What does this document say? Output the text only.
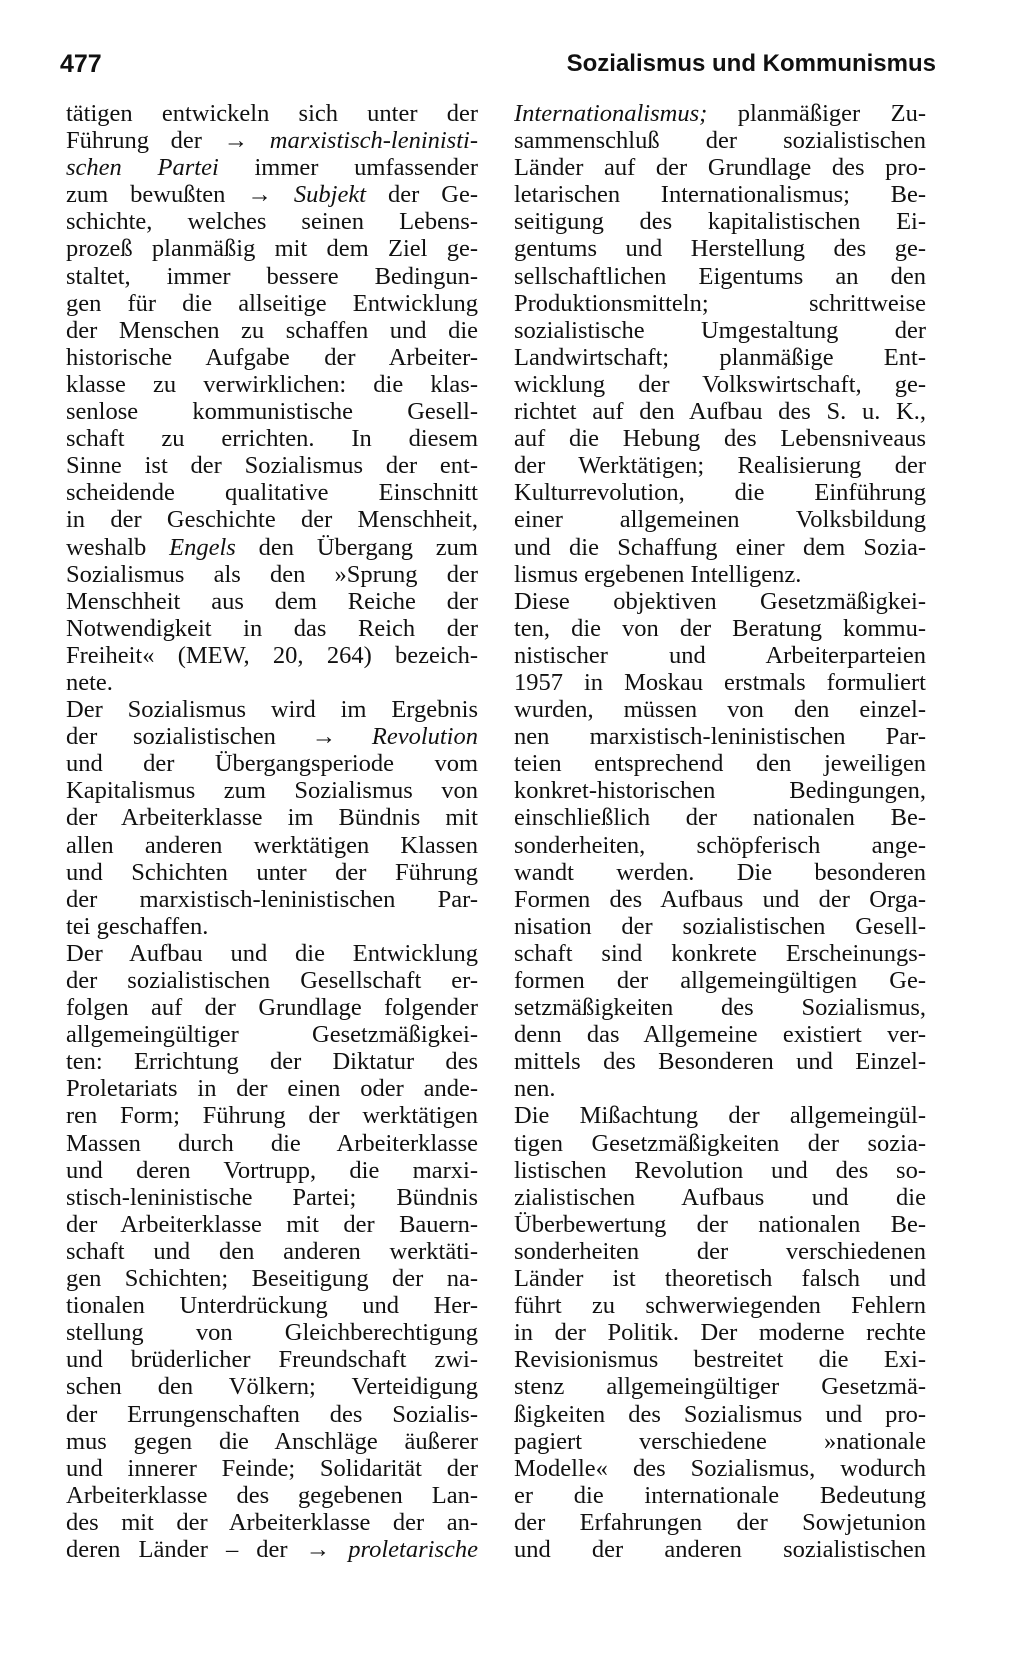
477	Sozialismus und Kommunismus
tätigen entwickeln sich unter der
Führung der → marxistisch-leninisti-
schen Partei immer umfassender
zum bewußten → Subjekt der Ge-
schichte, welches seinen Lebens-
prozeß planmäßig mit dem Ziel ge-
staltet, immer bessere Bedingun-
gen für die allseitige Entwicklung
der Menschen zu schaffen und die
historische Aufgabe der Arbeiter-
klasse zu verwirklichen: die klas-
senlose kommunistische Gesell-
schaft zu errichten. In diesem
Sinne ist der Sozialismus der ent-
scheidende qualitative Einschnitt
in der Geschichte der Menschheit,
weshalb Engels den Übergang zum
Sozialismus als den »Sprung der
Menschheit aus dem Reiche der
Notwendigkeit in das Reich der
Freiheit« (MEW, 20, 264) bezeich-
nete.
Der Sozialismus wird im Ergebnis
der sozialistischen → Revolution
und der Übergangsperiode vom
Kapitalismus zum Sozialismus von
der Arbeiterklasse im Bündnis mit
allen anderen werktätigen Klassen
und Schichten unter der Führung
der marxistisch-leninistischen Par-
tei geschaffen.
Der Aufbau und die Entwicklung
der sozialistischen Gesellschaft er-
folgen auf der Grundlage folgender
allgemeingültiger Gesetzmäßigkei-
ten: Errichtung der Diktatur des
Proletariats in der einen oder ande-
ren Form; Führung der werktätigen
Massen durch die Arbeiterklasse
und deren Vortrupp, die marxi-
stisch-leninistische Partei; Bündnis
der Arbeiterklasse mit der Bauern-
schaft und den anderen werktäti-
gen Schichten; Beseitigung der na-
tionalen Unterdrückung und Her-
stellung von Gleichberechtigung
und brüderlicher Freundschaft zwi-
schen den Völkern; Verteidigung
der Errungenschaften des Sozialis-
mus gegen die Anschläge äußerer
und innerer Feinde; Solidarität der
Arbeiterklasse des gegebenen Lan-
des mit der Arbeiterklasse der an-
deren Länder – der → proletarische
Internationalismus; planmäßiger Zu-
sammenschluß der sozialistischen
Länder auf der Grundlage des pro-
letarischen Internationalismus; Be-
seitigung des kapitalistischen Ei-
gentums und Herstellung des ge-
sellschaftlichen Eigentums an den
Produktionsmitteln; schrittweise
sozialistische Umgestaltung der
Landwirtschaft; planmäßige Ent-
wicklung der Volkswirtschaft, ge-
richtet auf den Aufbau des S. u. K.,
auf die Hebung des Lebensniveaus
der Werktätigen; Realisierung der
Kulturrevolution, die Einführung
einer allgemeinen Volksbildung
und die Schaffung einer dem Sozia-
lismus ergebenen Intelligenz.
Diese objektiven Gesetzmäßigkei-
ten, die von der Beratung kommu-
nistischer und Arbeiterparteien
1957 in Moskau erstmals formuliert
wurden, müssen von den einzel-
nen marxistisch-leninistischen Par-
teien entsprechend den jeweiligen
konkret-historischen Bedingungen,
einschließlich der nationalen Be-
sonderheiten, schöpferisch ange-
wandt werden. Die besonderen
Formen des Aufbaus und der Orga-
nisation der sozialistischen Gesell-
schaft sind konkrete Erscheinungs-
formen der allgemeingültigen Ge-
setzmäßigkeiten des Sozialismus,
denn das Allgemeine existiert ver-
mittels des Besonderen und Einzel-
nen.
Die Mißachtung der allgemeingül-
tigen Gesetzmäßigkeiten der sozia-
listischen Revolution und des so-
zialistischen Aufbaus und die
Überbewertung der nationalen Be-
sonderheiten der verschiedenen
Länder ist theoretisch falsch und
führt zu schwerwiegenden Fehlern
in der Politik. Der moderne rechte
Revisionismus bestreitet die Exi-
stenz allgemeingültiger Gesetzmä-
ßigkeiten des Sozialismus und pro-
pagiert verschiedene »nationale
Modelle« des Sozialismus, wodurch
er die internationale Bedeutung
der Erfahrungen der Sowjetunion
und der anderen sozialistischen
